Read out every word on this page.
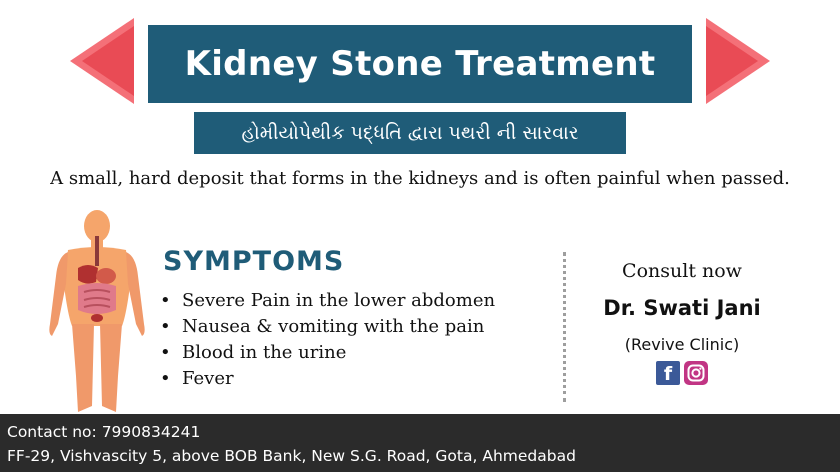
Kidney Stone Treatment
હોમીયોપેથીક પદ્ધતિ દ્વારા પથરી ની સારવાર
A small, hard deposit that forms in the kidneys and is often painful when passed.
SYMPTOMS
• Severe Pain in the lower abdomen
• Nausea & vomiting with the pain
• Blood in the urine
• Fever
Consult now
Dr. Swati Jani
(Revive Clinic)
f
Contact no: 7990834241
FF-29, Vishvascity 5, above BOB Bank, New S.G. Road, Gota, Ahmedabad
